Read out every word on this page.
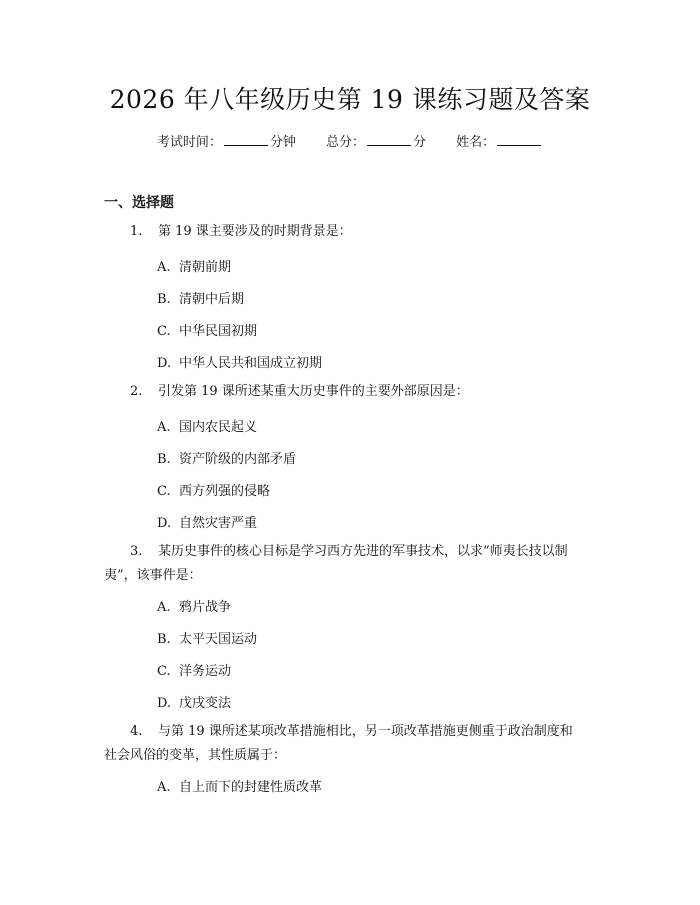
2026 年八年级历史第 19 课练习题及答案
考试时间：	分钟 总分：	分 姓名：
一、选择题
1. 第 19 课主要涉及的时期背景是：
A. 清朝前期
B. 清朝中后期
C. 中华民国初期
D. 中华人民共和国成立初期
2. 引发第 19 课所述某重大历史事件的主要外部原因是：
A. 国内农民起义
B. 资产阶级的内部矛盾
C. 西方列强的侵略
D. 自然灾害严重
3. 某历史事件的核心目标是学习西方先进的军事技术，以求“师夷长技以制
夷”，该事件是：
A. 鸦片战争
B. 太平天国运动
C. 洋务运动
D. 戊戌变法
4. 与第 19 课所述某项改革措施相比，另一项改革措施更侧重于政治制度和
社会风俗的变革，其性质属于：
A. 自上而下的封建性质改革
